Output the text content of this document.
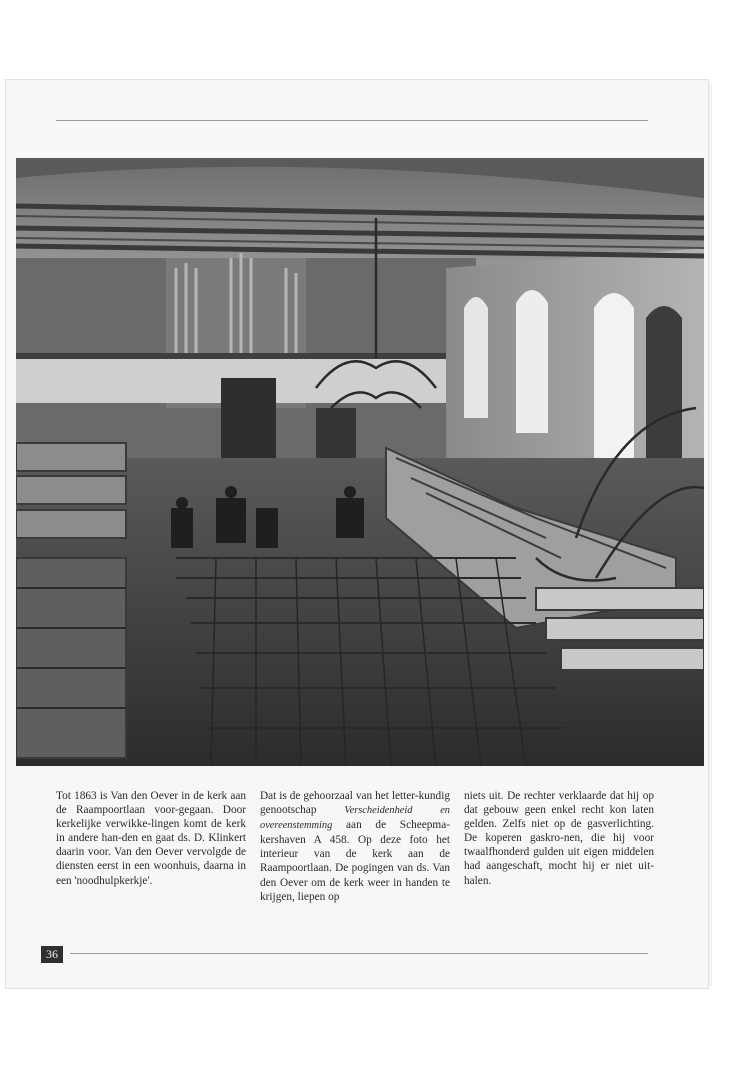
Tot 1863 is Van den Oever in de kerk aan de Raampoortlaan voor-gegaan. Door kerkelijke verwikke-lingen komt de kerk in andere han-den en gaat ds. D. Klinkert daarin voor. Van den Oever vervolgde de diensten eerst in een woonhuis, daarna in een 'noodhulpkerkje'.

Dat is de gehoorzaal van het letter-kundig genootschap Verscheidenheid en overeenstemming aan de Scheepma-kershaven A 458. Op deze foto het interieur van de kerk aan de Raampoortlaan. De pogingen van ds. Van den Oever om de kerk weer in handen te krijgen, liepen op

niets uit. De rechter verklaarde dat hij op dat gebouw geen enkel recht kon laten gelden. Zelfs niet op de gasverlichting. De koperen gaskro-nen, die hij voor twaalfhonderd gulden uit eigen middelen had aangeschaft, mocht hij er niet uit-halen.

36
